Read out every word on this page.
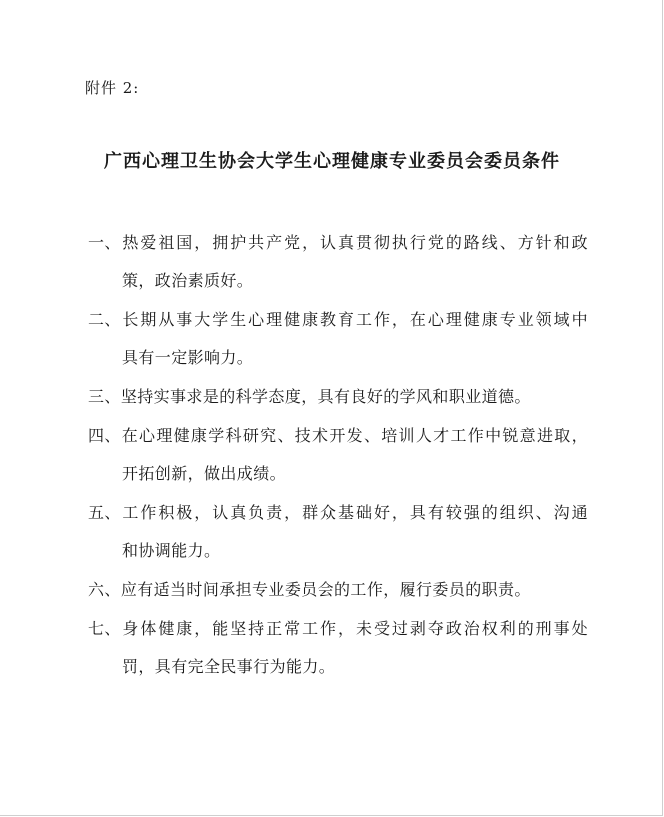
附件 2:
广西心理卫生协会大学生心理健康专业委员会委员条件
一、热爱祖国，拥护共产党，认真贯彻执行党的路线、方针和政
策，政治素质好。
二、长期从事大学生心理健康教育工作，在心理健康专业领域中
具有一定影响力。
三、坚持实事求是的科学态度，具有良好的学风和职业道德。
四、在心理健康学科研究、技术开发、培训人才工作中锐意进取，
开拓创新，做出成绩。
五、工作积极，认真负责，群众基础好，具有较强的组织、沟通
和协调能力。
六、应有适当时间承担专业委员会的工作，履行委员的职责。
七、身体健康，能坚持正常工作，未受过剥夺政治权利的刑事处
罚，具有完全民事行为能力。
